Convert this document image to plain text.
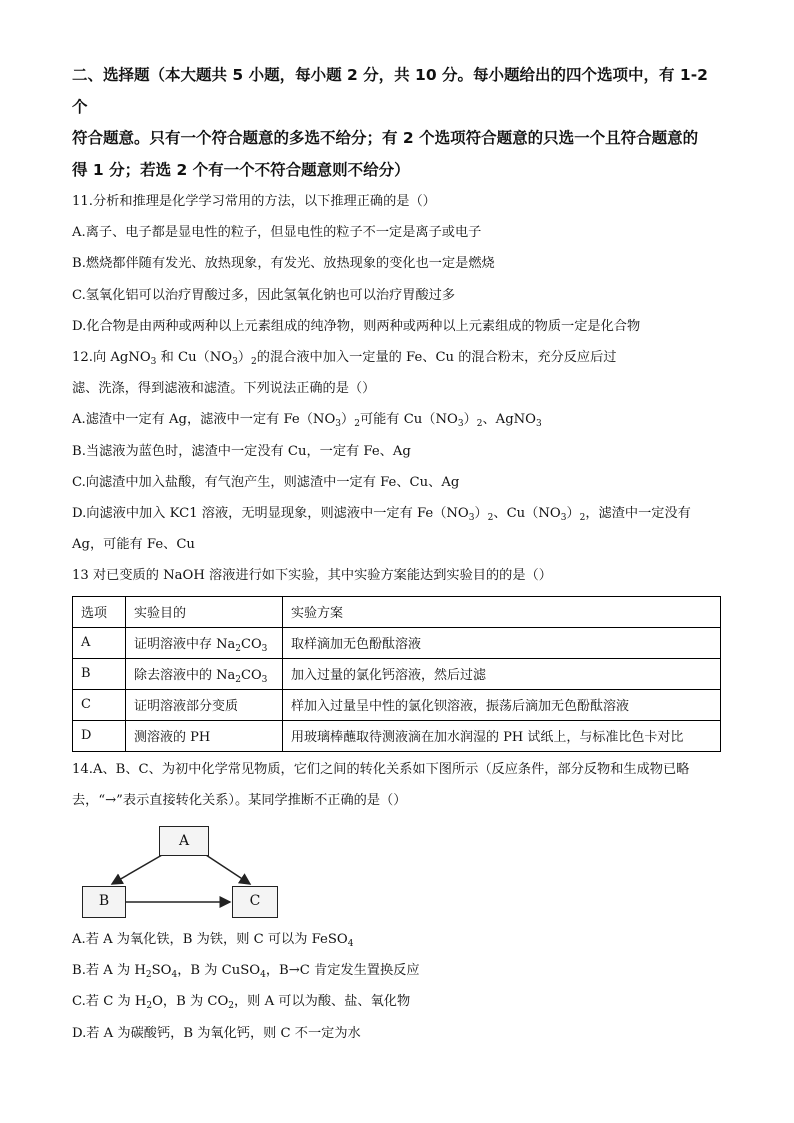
二、选择题（本大题共 5 小题，每小题 2 分，共 10 分。每小题给出的四个选项中，有 1-2 个

符合题意。只有一个符合题意的多选不给分；有 2 个选项符合题意的只选一个且符合题意的

得 1 分；若选 2 个有一个不符合题意则不给分）

11.分析和推理是化学学习常用的方法，以下推理正确的是（）

A.离子、电子都是显电性的粒子，但显电性的粒子不一定是离子或电子

B.燃烧都伴随有发光、放热现象，有发光、放热现象的变化也一定是燃烧

C.氢氧化铝可以治疗胃酸过多，因此氢氧化钠也可以治疗胃酸过多

D.化合物是由两种或两种以上元素组成的纯净物，则两种或两种以上元素组成的物质一定是化合物

12.向 AgNO$_3$ 和 $Cu(NO_3)_2$的混合液中加入一定量的 Fe、Cu 的混合粉末，充分反应后过

滤、洗涤，得到滤液和滤渣。下列说法正确的是（）

A.滤渣中一定有 Ag，滤液中一定有 $Fe(NO_3)_2$可能有 $Cu(NO_3)_2$、AgNO$_3$

B.当滤液为蓝色时，滤渣中一定没有 Cu，一定有 Fe、Ag

C.向滤渣中加入盐酸，有气泡产生，则滤渣中一定有 Fe、Cu、Ag

D.向滤液中加入 KC1 溶液，无明显现象，则滤液中一定有 $Fe(NO_3)_2$、$Cu(NO_3)_2$，滤渣中一定没有

Ag，可能有 Fe、Cu

13 对已变质的 NaOH 溶液进行如下实验，其中实验方案能达到实验目的的是（）

选项	实验目的	实验方案
A	证明溶液中存 $Na_2CO_3$	取样滴加无色酚酞溶液
B	除去溶液中的 $Na_2CO_3$	加入过量的氯化钙溶液，然后过滤
C	证明溶液部分变质	样加入过量呈中性的氯化钡溶液，振荡后滴加无色酚酞溶液
D	测溶液的 PH	用玻璃棒蘸取待测液滴在加水润湿的 PH 试纸上，与标准比色卡对比

14.A、B、C、为初中化学常见物质，它们之间的转化关系如下图所示（反应条件，部分反物和生成物已略

去，“→”表示直接转化关系）。某同学推断不正确的是（）

A
B	C

A.若 A 为氧化铁，B 为铁，则 C 可以为 FeSO$_4$

B.若 A 为 $H_2SO_4$，B 为 CuSO$_4$，B→C 肯定发生置换反应

C.若 C 为 $H_2O$，B 为 $CO_2$，则 A 可以为酸、盐、氧化物

D.若 A 为碳酸钙，B 为氧化钙，则 C 不一定为水
